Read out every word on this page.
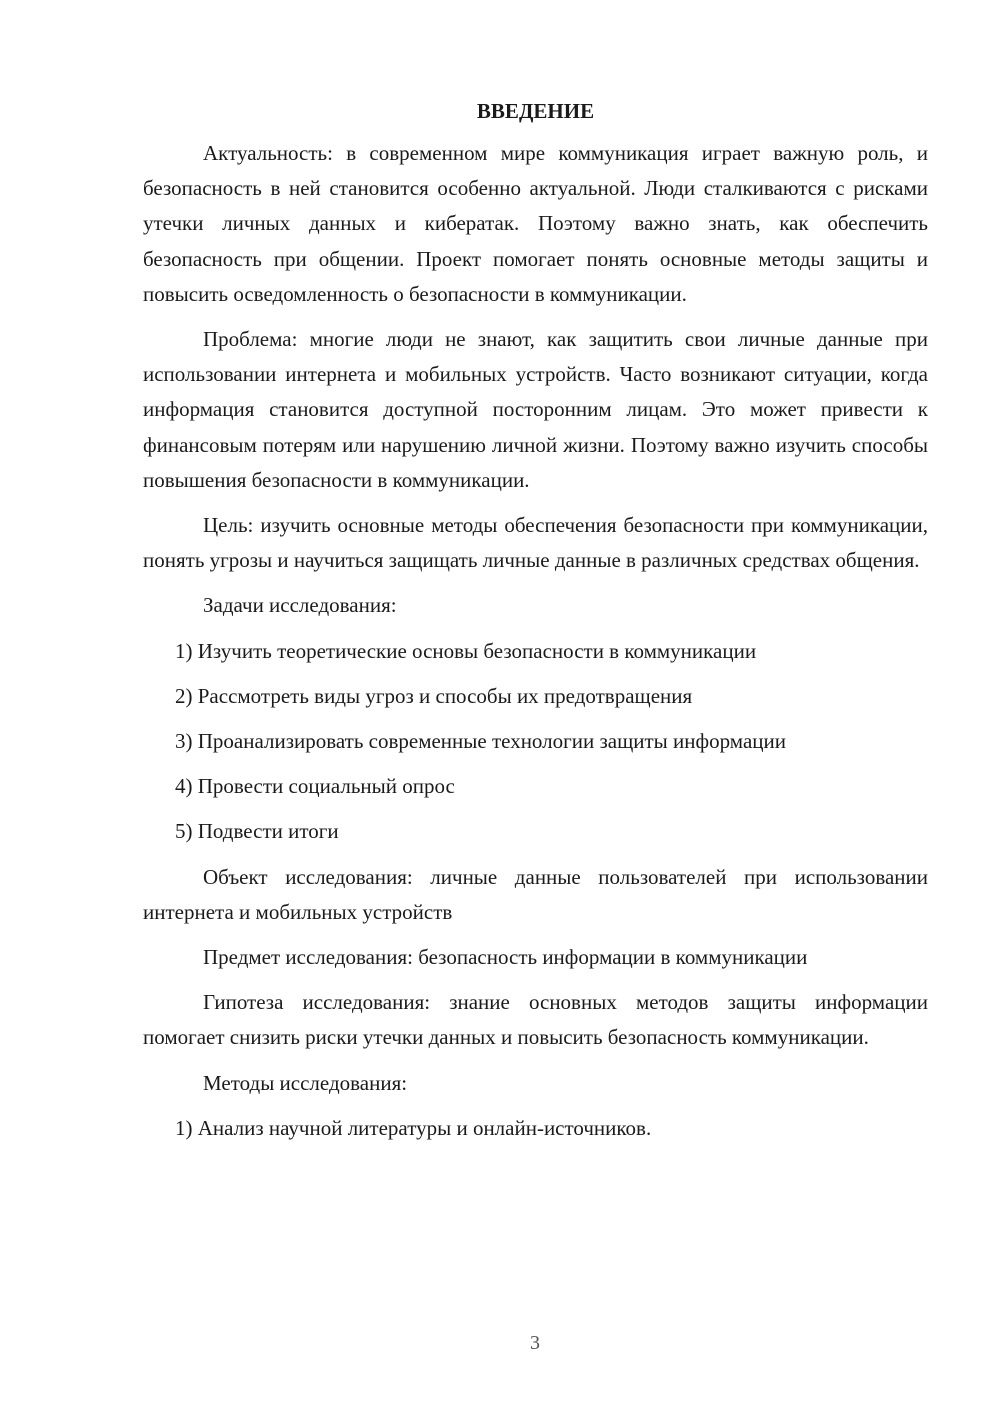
ВВЕДЕНИЕ

Актуальность: в современном мире коммуникация играет важную роль, и безопасность в ней становится особенно актуальной. Люди сталкиваются с рисками утечки личных данных и кибератак. Поэтому важно знать, как обеспечить безопасность при общении. Проект помогает понять основные методы защиты и повысить осведомленность о безопасности в коммуникации.

Проблема: многие люди не знают, как защитить свои личные данные при использовании интернета и мобильных устройств. Часто возникают ситуации, когда информация становится доступной посторонним лицам. Это может привести к финансовым потерям или нарушению личной жизни. Поэтому важно изучить способы повышения безопасности в коммуникации.

Цель: изучить основные методы обеспечения безопасности при коммуникации, понять угрозы и научиться защищать личные данные в различных средствах общения.

Задачи исследования:

1) Изучить теоретические основы безопасности в коммуникации

2) Рассмотреть виды угроз и способы их предотвращения

3) Проанализировать современные технологии защиты информации

4) Провести социальный опрос

5) Подвести итоги

Объект исследования: личные данные пользователей при использовании интернета и мобильных устройств

Предмет исследования: безопасность информации в коммуникации

Гипотеза исследования: знание основных методов защиты информации помогает снизить риски утечки данных и повысить безопасность коммуникации.

Методы исследования:

1) Анализ научной литературы и онлайн-источников.

3
